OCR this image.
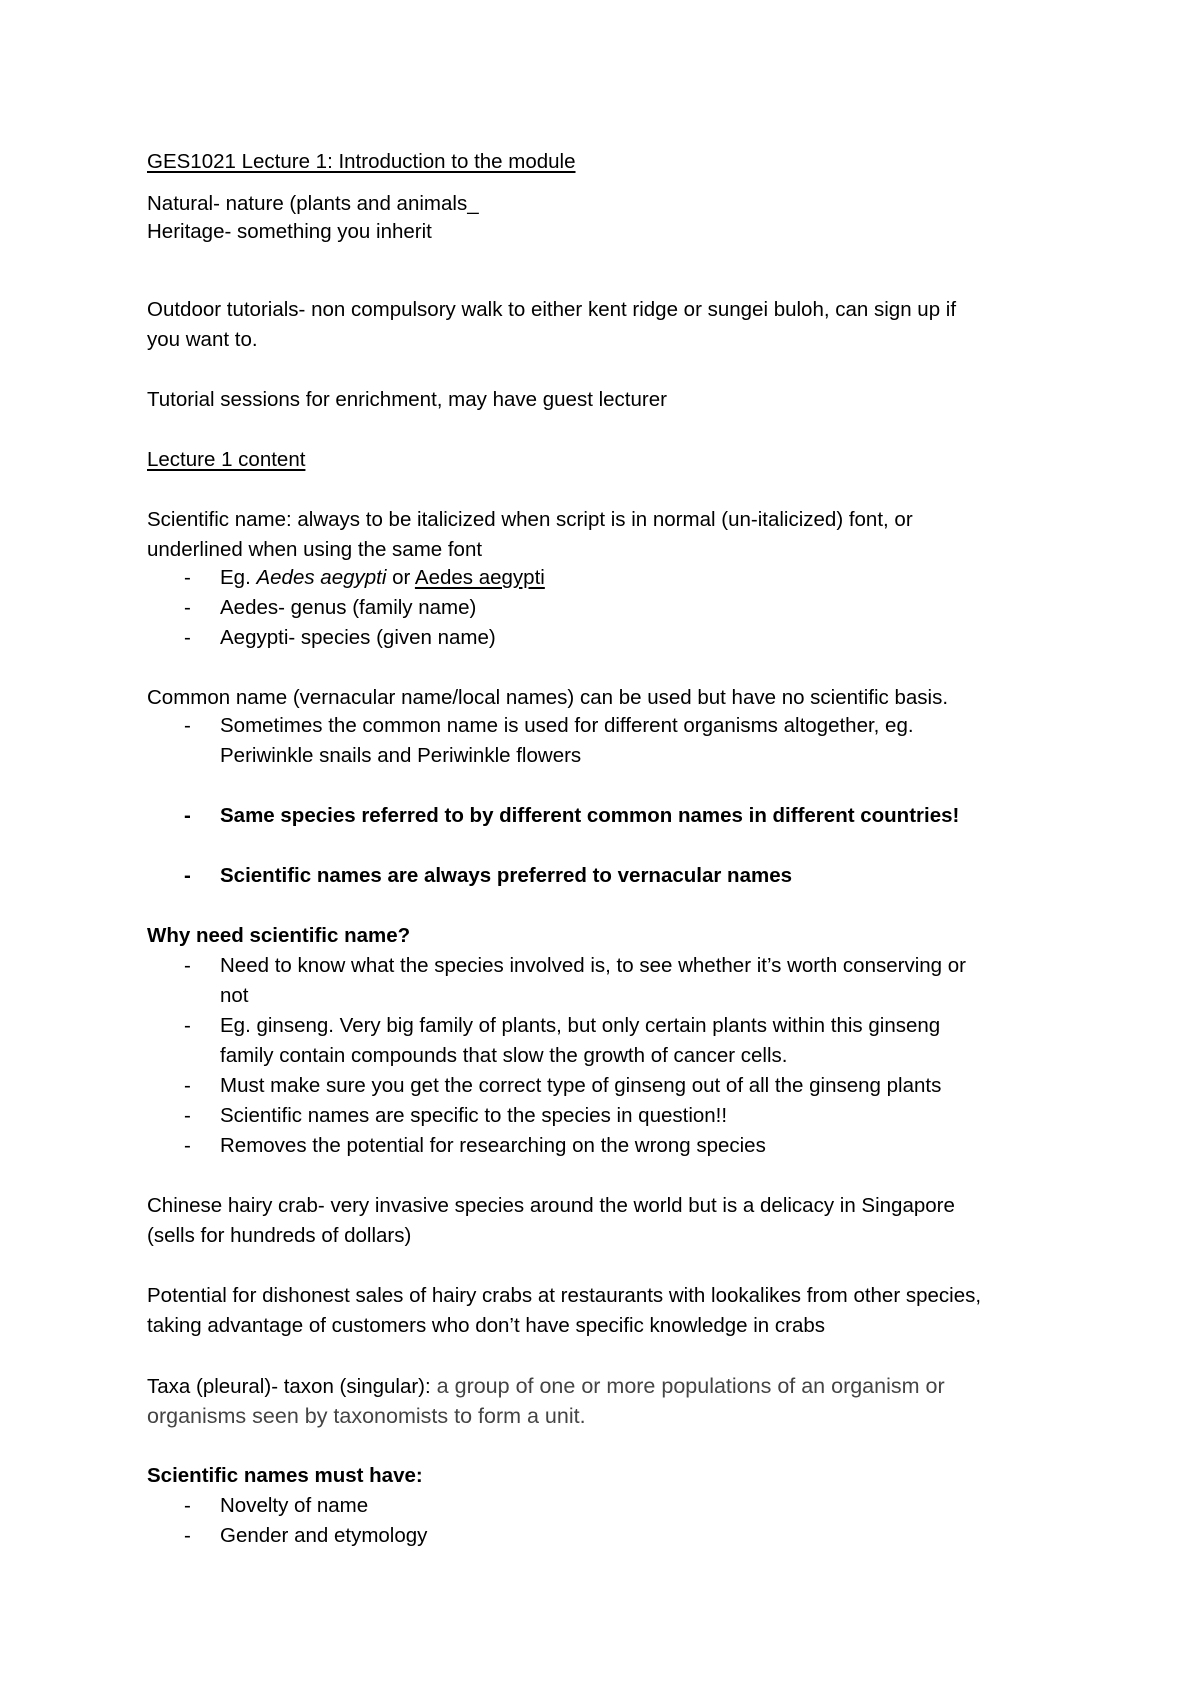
GES1021 Lecture 1: Introduction to the module
Natural- nature (plants and animals_
Heritage- something you inherit
Outdoor tutorials- non compulsory walk to either kent ridge or sungei buloh, can sign up if
you want to.
Tutorial sessions for enrichment, may have guest lecturer
Lecture 1 content
Scientific name: always to be italicized when script is in normal (un-italicized) font, or
underlined when using the same font
- Eg. Aedes aegypti or Aedes aegypti
- Aedes- genus (family name)
- Aegypti- species (given name)
Common name (vernacular name/local names) can be used but have no scientific basis.
- Sometimes the common name is used for different organisms altogether, eg.
Periwinkle snails and Periwinkle flowers
- Same species referred to by different common names in different countries!
- Scientific names are always preferred to vernacular names
Why need scientific name?
- Need to know what the species involved is, to see whether it’s worth conserving or
not
- Eg. ginseng. Very big family of plants, but only certain plants within this ginseng
family contain compounds that slow the growth of cancer cells.
- Must make sure you get the correct type of ginseng out of all the ginseng plants
- Scientific names are specific to the species in question!!
- Removes the potential for researching on the wrong species
Chinese hairy crab- very invasive species around the world but is a delicacy in Singapore
(sells for hundreds of dollars)
Potential for dishonest sales of hairy crabs at restaurants with lookalikes from other species,
taking advantage of customers who don’t have specific knowledge in crabs
Taxa (pleural)- taxon (singular): a group of one or more populations of an organism or
organisms seen by taxonomists to form a unit.
Scientific names must have:
- Novelty of name
- Gender and etymology
